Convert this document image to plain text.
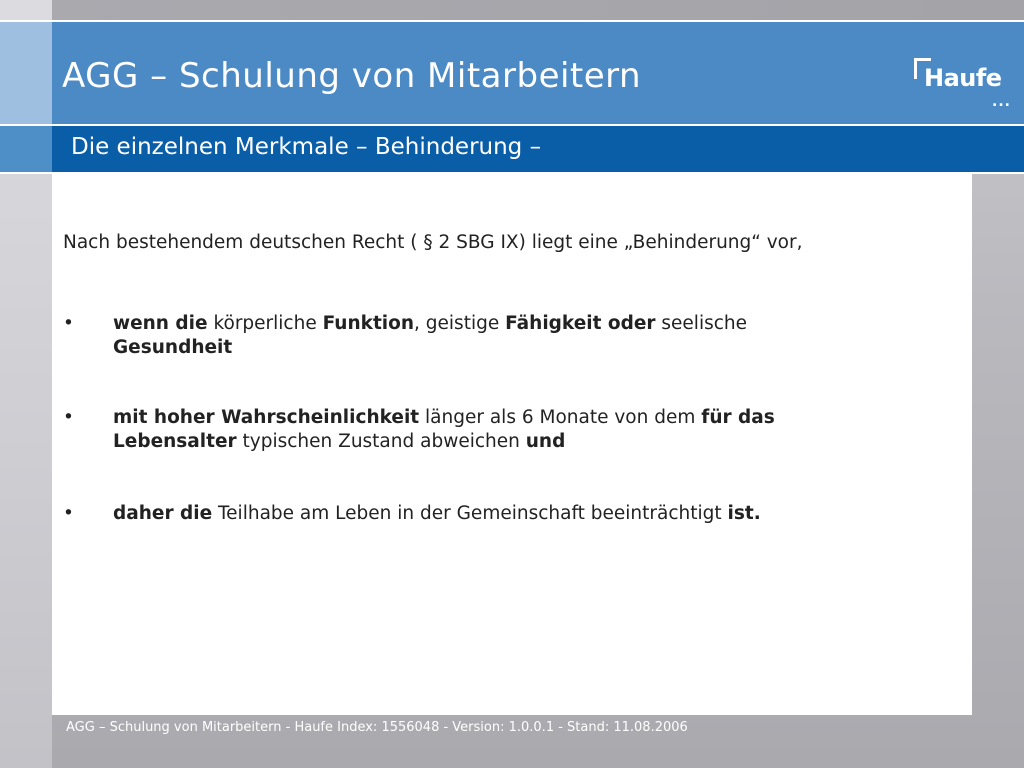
AGG – Schulung von Mitarbeitern	Haufe
...
Die einzelnen Merkmale – Behinderung –
Nach bestehendem deutschen Recht ( § 2 SBG IX) liegt eine „Behinderung“ vor,
•	wenn die körperliche Funktion, geistige Fähigkeit oder seelische
Gesundheit
•	mit hoher Wahrscheinlichkeit länger als 6 Monate von dem für das Lebensalter typischen Zustand abweichen und
•	daher die Teilhabe am Leben in der Gemeinschaft beeinträchtigt ist.
AGG – Schulung von Mitarbeitern - Haufe Index: 1556048 - Version: 1.0.0.1 - Stand: 11.08.2006
